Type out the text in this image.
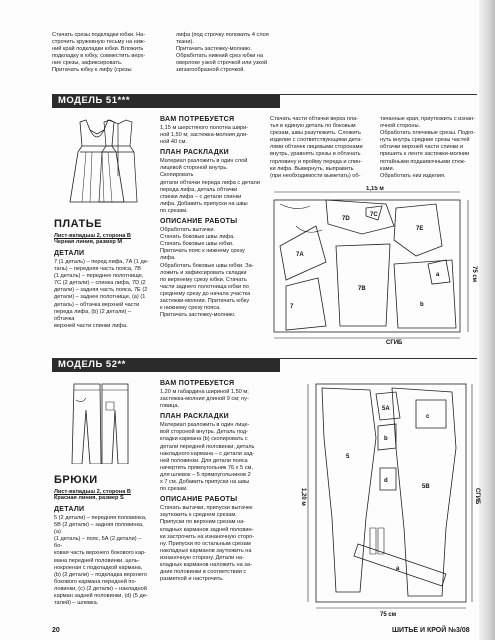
Стачать срезы подкладки юбки. На-
строчить кружевную тесьму на ниж-
ний край подкладки юбки. Вложить
подкладку в юбку, совместить верх-
ние срезы, зафиксировать.
Притачать юбку к лифу (срезы
лифа (под строчку положить 4 слоя
ткани).
Притачать застежку-молнию.
Обработать нижний срез юбки на
оверлоке узкой строчкой или узкой
зигзагообразной строчкой.
МОДЕЛЬ 51***
ПЛАТЬЕ
Лист-вкладыш 2, сторона В
Черная линия, размер М
ДЕТАЛИ
7 (1 деталь) – перед лифа, 7А (1 де-
таль) – передняя часть пояса, 7В
(1 деталь) – переднее полотнище,
7С (2 детали) – спинка лифа, 7D (2
детали) – задняя часть пояса, 7Е (2
детали) – заднее полотнище, (а) (1
деталь) – обтачка верхней части
переда лифа, (b) (2 детали) – обтачка
верхней части спинки лифа.
ВАМ ПОТРЕБУЕТСЯ
1,15 м шерстяного полотна шири-
ной 1,50 м; застежка-молния дли-
ной 40 см.
ПЛАН РАСКЛАДКИ
Материал разложить в один слой
лицевой стороной внутрь. Скопировать
детали обтачки переда лифа с детали
переда лифа, деталь обтачки
спинки лифа – с детали спинки
лифа. Добавить припуски на швы
по срезам.
ОПИСАНИЕ РАБОТЫ
Обработать вытачки.
Стачать боковые швы лифа.
Стачать боковые швы юбки.
Притачать пояс к нижнему срезу
лифа.
Обработать боковые швы юбки. За-
ложить и зафиксировать складки
по верхнему срезу юбки. Стачать
части заднего полотнища юбки по
среднему срезу до начала участка
застежки-молнии. Притачать юбку
к нижнему срезу пояса.
Притачать застежку-молнию.
Стачать части обтачки верха пла-
тья в единую деталь по боковым
срезам, швы разутюжить. Сложить
изделие с соответствующими дета-
лями обтачек лицевыми сторонами
внутрь, уравнять срезы и обтачать
горловину и пройму переда и спин-
ки лифа. Вывернуть, выправить
(при необходимости выметать) об-
тачанные края, приутюжить с изнан-
очной стороны.
Обработать плечевые срезы. Подго-
нуть внутрь средние срезы частей
обтачки верхней части спинки и
пришить к ленте застежки-молнии
потайными подшивочными стеж-
ками.
Обработать низ изделия.
1,15 м
75 см
СГИБ
7
7A
7B
7C
7D
7E
a
b
МОДЕЛЬ 52**
БРЮКИ
Лист-вкладыш 2, сторона В
Красная линия, размер S
ДЕТАЛИ
5 (2 детали) – передняя половинка,
5В (2 детали) – задняя половинка, (а)
(1 деталь) – пояс, 5А (2 детали) – бо-
ковая часть верхнего бокового кар-
мана передней половинки, цель-
нокроеная с подкладкой кармана,
(b) (2 детали) – подкладка верхнего
бокового кармана передней по-
ловинки, (с) (2 детали) – накладной
карман задней половинки, (d) (5 де-
талей) – шлевка.
ВАМ ПОТРЕБУЕТСЯ
1,20 м габардина шириной 1,50 м;
застежка-молния длиной 9 см; пу-
говица.
ПЛАН РАСКЛАДКИ
Материал разложить в один лице-
вой стороной внутрь. Деталь под-
кладки кармана (b) скопировать с
детали передней половинки, деталь
накладного кармана – с детали зад-
ней половинки. Для детали пояса
начертить прямоугольник 76 х 5 см,
для шлевок – 5 прямоугольников 2
х 7 см. Добавить припуски на швы
по срезам.
ОПИСАНИЕ РАБОТЫ
Стачать вытачки, припуски вытачек
заутюжить к среднем срезам.
Припуски по верхним срезам на-
кладных карманов задней половин-
ки застрочить на изнаночную сторо-
ну. Припуски по остальным срезам
накладных карманов заутюжить на
изнаночную сторону. Детали на-
кладных карманов наложить на за-
дние половинки в соответствии с
разметкой и настрочить.
1,20 м
75 см
СГИБ
5
5A
5B
a
b
c
d
20	ШИТЬЕ И КРОЙ №3/08
